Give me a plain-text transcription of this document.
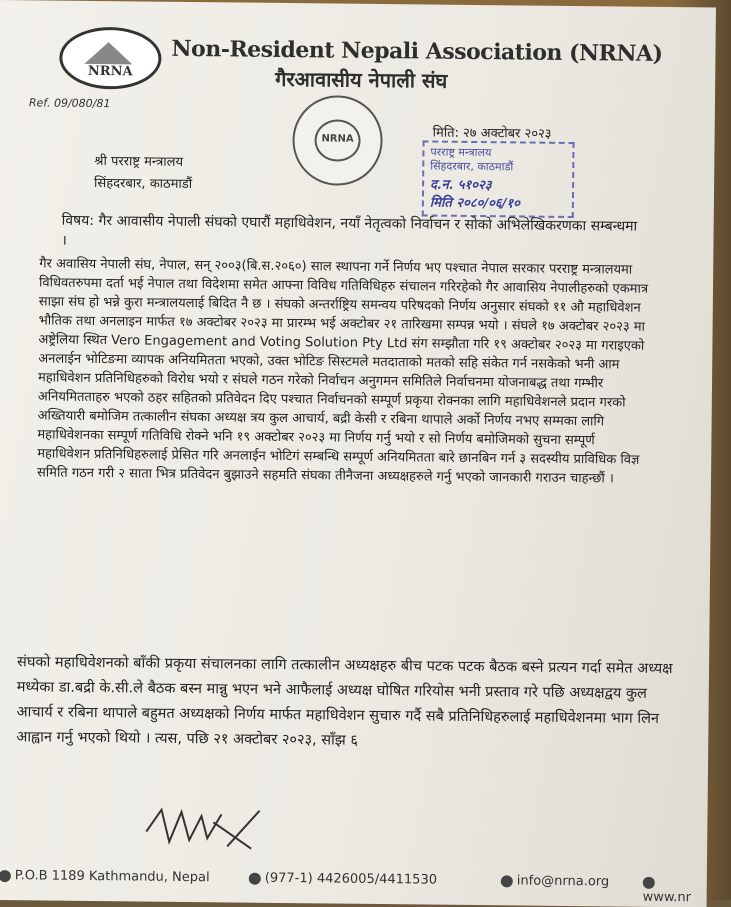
NRNA
Non-Resident Nepali Association (NRNA)
गैरआवासीय नेपाली संघ
Ref. 09/080/81
NRNA	मिति: २७ अक्टोबर २०२३
परराष्ट्र मन्त्रालय
सिंहदरबार, काठमाडौं
द.न. ५१०२३
मिति २०८०/०६/१०
श्री परराष्ट्र मन्त्रालय
सिंहदरबार, काठमाडौं
विषय: गैर आवासीय नेपाली संघको एघारौं महाधिवेशन, नयाँ नेतृत्वको निर्वाचन र सोको अभिलेखिकरणका सम्बन्धमा ।
गैर अवासिय नेपाली संघ, नेपाल, सन् २००३(बि.स.२०६०) साल स्थापना गर्ने निर्णय भए पश्चात नेपाल सरकार परराष्ट्र मन्त्रालयमा विधिवतरुपमा दर्ता भई नेपाल तथा विदेशमा समेत आफ्ना विविध गतिविधिहरु संचालन गरिरहेको गैर आवासिय नेपालीहरुको एकमात्र साझा संघ हो भन्ने कुरा मन्त्रालयलाई बिदित नै छ । संघको अन्तर्राष्ट्रिय समन्वय परिषदको निर्णय अनुसार संघको ११ औ महाधिवेशन भौतिक तथा अनलाइन मार्फत १७ अक्टोबर २०२३ मा प्रारम्भ भई अक्टोबर २१ तारिखमा सम्पन्न भयो । संघले १७ अक्टोबर २०२३ मा अष्ट्रेलिया स्थित Vero Engagement and Voting Solution Pty Ltd संग सम्झौता गरि १९ अक्टोबर २०२३ मा गराइएको अनलाईन भोटिङमा व्यापक अनियमितता भएको, उक्त भोटिङ सिस्टमले मतदाताको मतको सहि संकेत गर्न नसकेको भनी आम महाधिवेशन प्रतिनिधिहरुको विरोध भयो र संघले गठन गरेको निर्वाचन अनुगमन समितिले निर्वाचनमा योजनाबद्ध तथा गम्भीर अनियमितताहरु भएको ठहर सहितको प्रतिवेदन दिए पश्चात निर्वाचनको सम्पूर्ण प्रकृया रोक्नका लागि महाधिवेशनले प्रदान गरको अख्तियारी बमोजिम तत्कालीन संघका अध्यक्ष त्रय कुल आचार्य, बद्री केसी र रबिना थापाले अर्को निर्णय नभए सम्मका लागि महाधिवेशनका सम्पूर्ण गतिविधि रोक्ने भनि १९ अक्टोबर २०२३ मा निर्णय गर्नु भयो र सो निर्णय बमोजिमको सुचना सम्पूर्ण महाधिवेशन प्रतिनिधिहरुलाई प्रेसित गरि अनलाईन भोटिगं सम्बन्धि सम्पूर्ण अनियमितता बारे छानबिन गर्न ३ सदस्यीय प्राविधिक विज्ञ समिति गठन गरी २ साता भित्र प्रतिवेदन बुझाउने सहमति संघका तीनैजना अध्यक्षहरुले गर्नु भएको जानकारी गराउन चाहन्छौं ।
संघको महाधिवेशनको बाँकी प्रकृया संचालनका लागि तत्कालीन अध्यक्षहरु बीच पटक पटक बैठक बस्ने प्रत्यन गर्दा समेत अध्यक्ष मध्येका डा.बद्री के.सी.ले बैठक बस्न मान्नु भएन भने आफैलाई अध्यक्ष घोषित गरियोस भनी प्रस्ताव गरे पछि अध्यक्षद्वय कुल आचार्य र रबिना थापाले बहुमत अध्यक्षको निर्णय मार्फत महाधिवेशन सुचारु गर्दै सबै प्रतिनिधिहरुलाई महाधिवेशनमा भाग लिन आह्वान गर्नु भएको थियो । त्यस, पछि २१ अक्टोबर २०२३, साँझ ६
P.O.B 1189 Kathmandu, Nepal	(977-1) 4426005/4411530	info@nrna.org
www.nr
